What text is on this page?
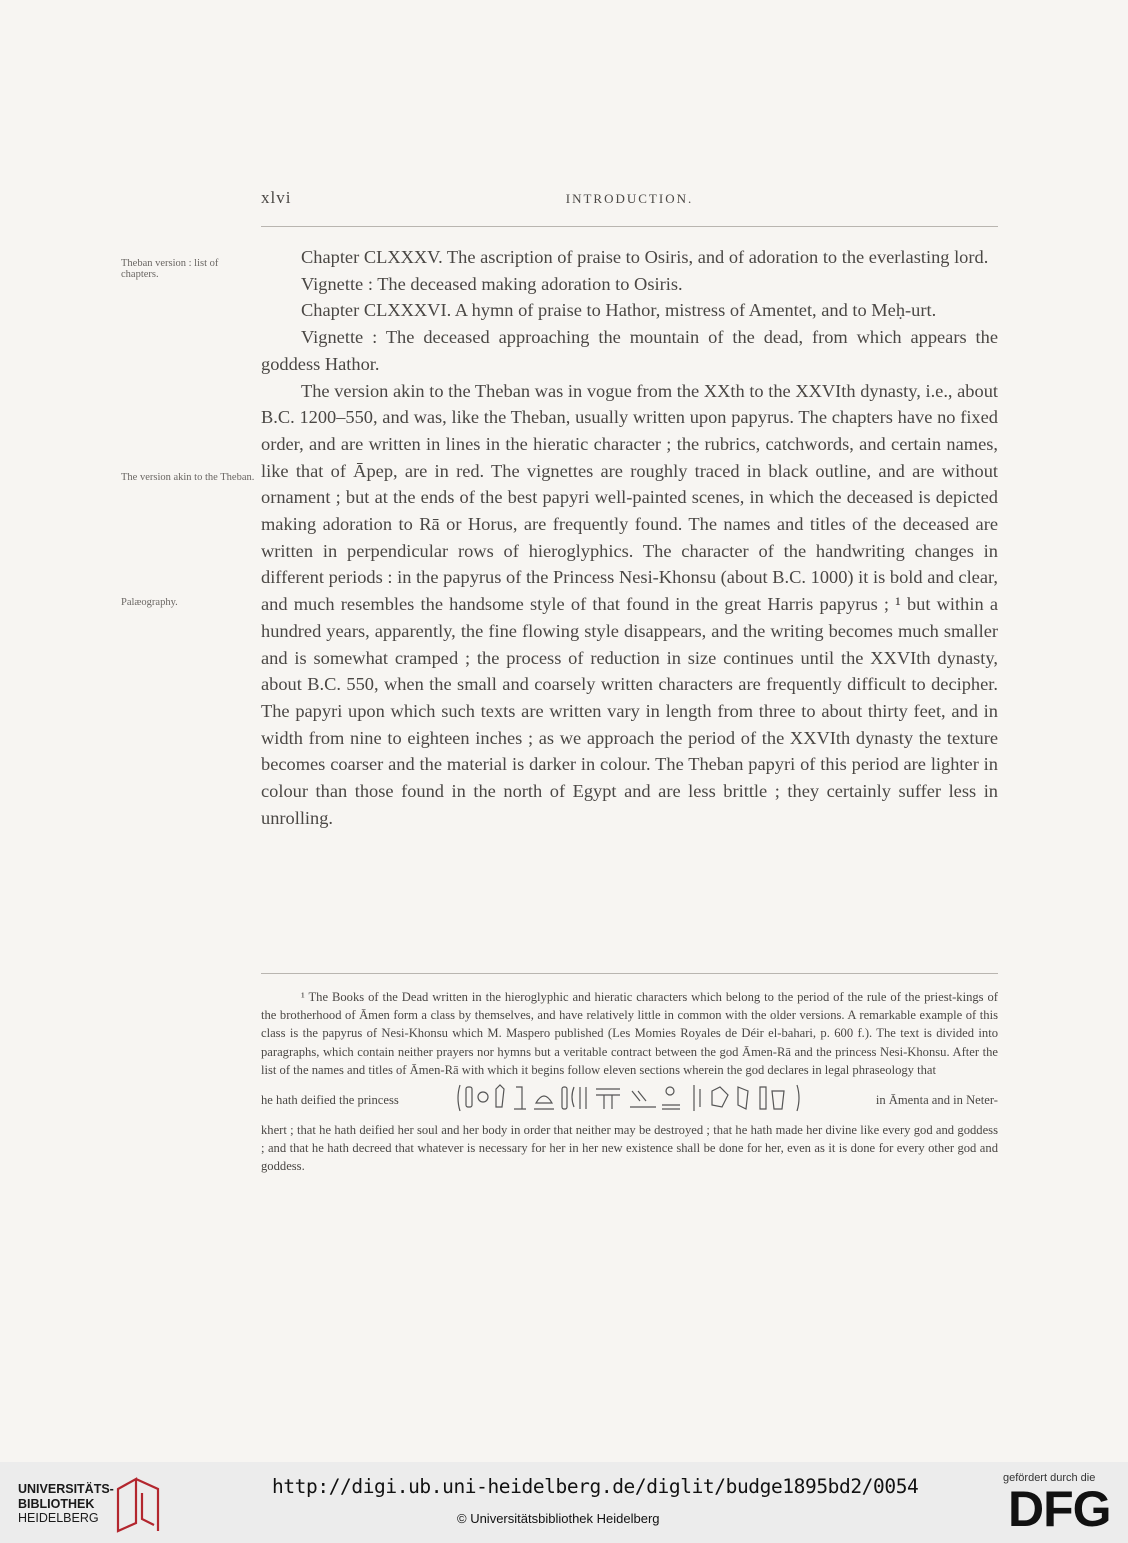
xlvi	INTRODUCTION.
Theban version : list of chapters.
The version akin to the Theban.
Palæography.

Chapter CLXXXV. The ascription of praise to Osiris, and of adoration to the everlasting lord.

Vignette : The deceased making adoration to Osiris.

Chapter CLXXXVI. A hymn of praise to Hathor, mistress of Amentet, and to Meḥ-urt.

Vignette : The deceased approaching the mountain of the dead, from which appears the goddess Hathor.

The version akin to the Theban was in vogue from the XXth to the XXVIth dynasty, i.e., about B.C. 1200–550, and was, like the Theban, usually written upon papyrus. The chapters have no fixed order, and are written in lines in the hieratic character ; the rubrics, catchwords, and certain names, like that of Āpep, are in red. The vignettes are roughly traced in black outline, and are without ornament ; but at the ends of the best papyri well-painted scenes, in which the deceased is depicted making adoration to Rā or Horus, are frequently found. The names and titles of the deceased are written in perpendicular rows of hieroglyphics. The character of the handwriting changes in different periods : in the papyrus of the Princess Nesi-Khonsu (about B.C. 1000) it is bold and clear, and much resembles the handsome style of that found in the great Harris papyrus ; ¹ but within a hundred years, apparently, the fine flowing style disappears, and the writing becomes much smaller and is somewhat cramped ; the process of reduction in size continues until the XXVIth dynasty, about B.C. 550, when the small and coarsely written characters are frequently difficult to decipher. The papyri upon which such texts are written vary in length from three to about thirty feet, and in width from nine to eighteen inches ; as we approach the period of the XXVIth dynasty the texture becomes coarser and the material is darker in colour. The Theban papyri of this period are lighter in colour than those found in the north of Egypt and are less brittle ; they certainly suffer less in unrolling.

¹ The Books of the Dead written in the hieroglyphic and hieratic characters which belong to the period of the rule of the priest-kings of the brotherhood of Āmen form a class by themselves, and have relatively little in common with the older versions. A remarkable example of this class is the papyrus of Nesi-Khonsu which M. Maspero published (Les Momies Royales de Déir el-bahari, p. 600 f.). The text is divided into paragraphs, which contain neither prayers nor hymns but a veritable contract between the god Āmen-Rā and the princess Nesi-Khonsu. After the list of the names and titles of Āmen-Rā with which it begins follow eleven sections wherein the god declares in legal phraseology that

he hath deified the princess	in Āmenta and in Neter-

khert ; that he hath deified her soul and her body in order that neither may be destroyed ; that he hath made her divine like every god and goddess ; and that he hath decreed that whatever is necessary for her in her new existence shall be done for her, even as it is done for every other god and goddess.

UNIVERSITÄTS-
BIBLIOTHEK
HEIDELBERG
http://digi.ub.uni-heidelberg.de/diglit/budge1895bd2/0054
© Universitätsbibliothek Heidelberg
gefördert durch die
DFG
